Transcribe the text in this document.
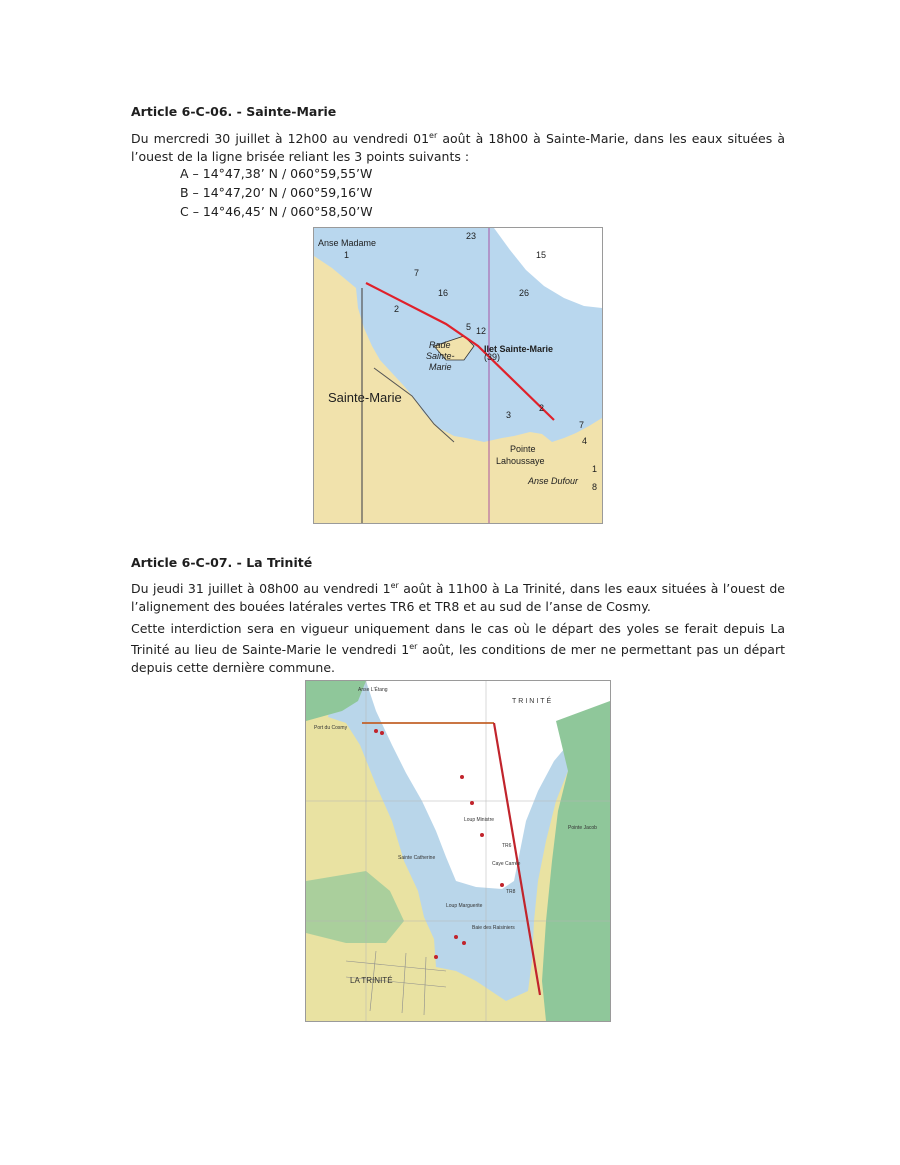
Article 6-C-06. - Sainte-Marie
Du mercredi 30 juillet à 12h00 au vendredi 01er août à 18h00 à Sainte-Marie, dans les eaux situées à l’ouest de la ligne brisée reliant les 3 points suivants :
A – 14°47,38’ N / 060°59,55’W
B – 14°47,20’ N / 060°59,16’W
C – 14°46,45’ N / 060°58,50’W
Anse Madame
23
15
26
1
7
16
2
5 12
(39)
3
2
7
4
1
8
Rade
Sainte-
Marie
Ilet Sainte-Marie
Sainte-Marie
Pointe
Lahoussaye
Anse Dufour
Article 6-C-07. - La Trinité
Du jeudi 31 juillet à 08h00 au vendredi 1er août à 11h00 à La Trinité, dans les eaux situées à l’ouest de l’alignement des bouées latérales vertes TR6 et TR8 et au sud de l’anse de Cosmy.
Cette interdiction sera en vigueur uniquement dans le cas où le départ des yoles se ferait depuis La Trinité au lieu de Sainte-Marie le vendredi 1er août, les conditions de mer ne permettant pas un départ depuis cette dernière commune.
TRINITÉ
LA TRINITÉ
Anse L'Étang
Port du Cosmy
Pointe Jacob
Sainte Catherine
Loup Ministre
Loup Marguerite
Baie des Raisiniers
Caye Carrée
TR6
TR8
